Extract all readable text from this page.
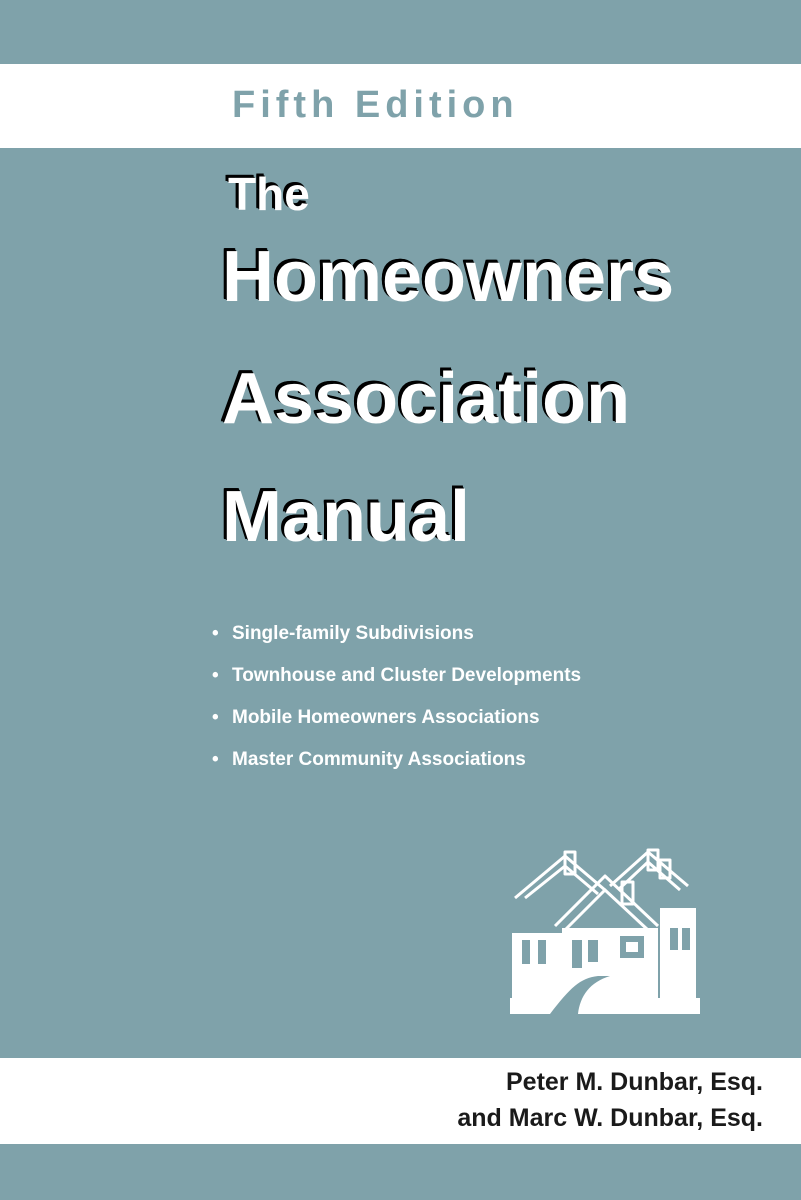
Fifth Edition
The
Homeowners
Association
Manual
• Single-family Subdivisions
• Townhouse and Cluster Developments
• Mobile Homeowners Associations
• Master Community Associations
Peter M. Dunbar, Esq.
and Marc W. Dunbar, Esq.
